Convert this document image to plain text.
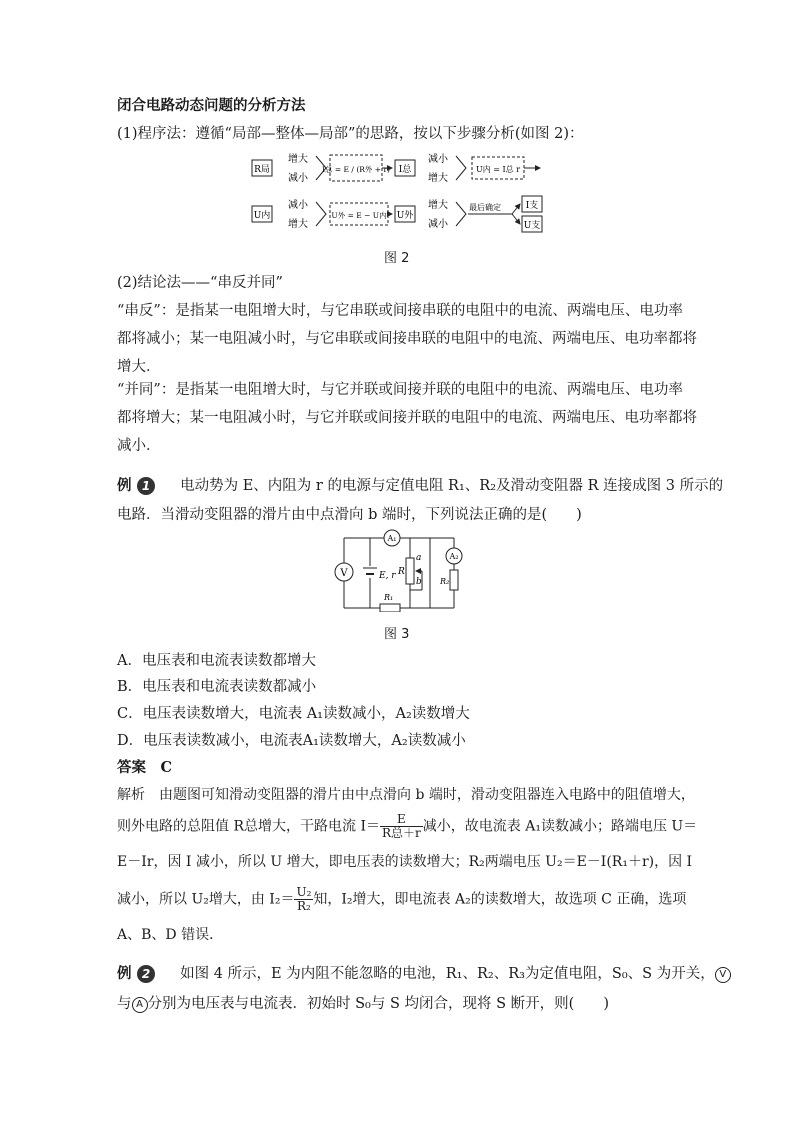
闭合电路动态问题的分析方法
(1)程序法：遵循“局部—整体—局部”的思路，按以下步骤分析(如图 2)：
R局
增大
减小
I总 = E / (R外 + r) I总
减小
增大
U内 = I总 r
U内
减小
增大
U外 = E − U内 U外
增大
减小
最后确定	I支
U支
图 2
(2)结论法——“串反并同”
“串反”：是指某一电阻增大时，与它串联或间接串联的电阻中的电流、两端电压、电功率
都将减小；某一电阻减小时，与它串联或间接串联的电阻中的电流、两端电压、电功率都将
增大．
“并同”：是指某一电阻增大时，与它并联或间接并联的电阻中的电流、两端电压、电功率
都将增大；某一电阻减小时，与它并联或间接并联的电阻中的电流、两端电压、电功率都将
减小．
例 1	电动势为 E、内阻为 r 的电源与定值电阻 R₁、R₂及滑动变阻器 R 连接成图 3 所示的
电路．当滑动变阻器的滑片由中点滑向 b 端时，下列说法正确的是(　　)
V
A₁
A₂
E, r R
a
b R₂
R₁
图 3
A．电压表和电流表读数都增大
B．电压表和电流表读数都减小
C．电压表读数增大，电流表 A₁读数减小，A₂读数增大
D．电压表读数减小，电流表A₁读数增大，A₂读数减小
答案　C
解析　由题图可知滑动变阻器的滑片由中点滑向 b 端时，滑动变阻器连入电路中的阻值增大，
则外电路的总阻值 R总增大，干路电流 $I= \frac{E}{\text{R总＋r}}$ 减小，故电流表 A₁读数减小；路端电压 U＝
E－Ir，因 I 减小，所以 U 增大，即电压表的读数增大；R₂两端电压 U₂＝E－I(R₁＋r)，因 I
减小，所以 U₂增大，由 $I_2= \frac{\text{U₂}}{\text{R₂}}$ 知，I₂增大，即电流表 A₂的读数增大，故选项 C 正确，选项
A、B、D 错误．
例 2	如图 4 所示，E 为内阻不能忽略的电池，R₁、R₂、R₃为定值电阻，S₀、S 为开关， V
与 A 分别为电压表与电流表．初始时 S₀与 S 均闭合，现将 S 断开，则(　　)
